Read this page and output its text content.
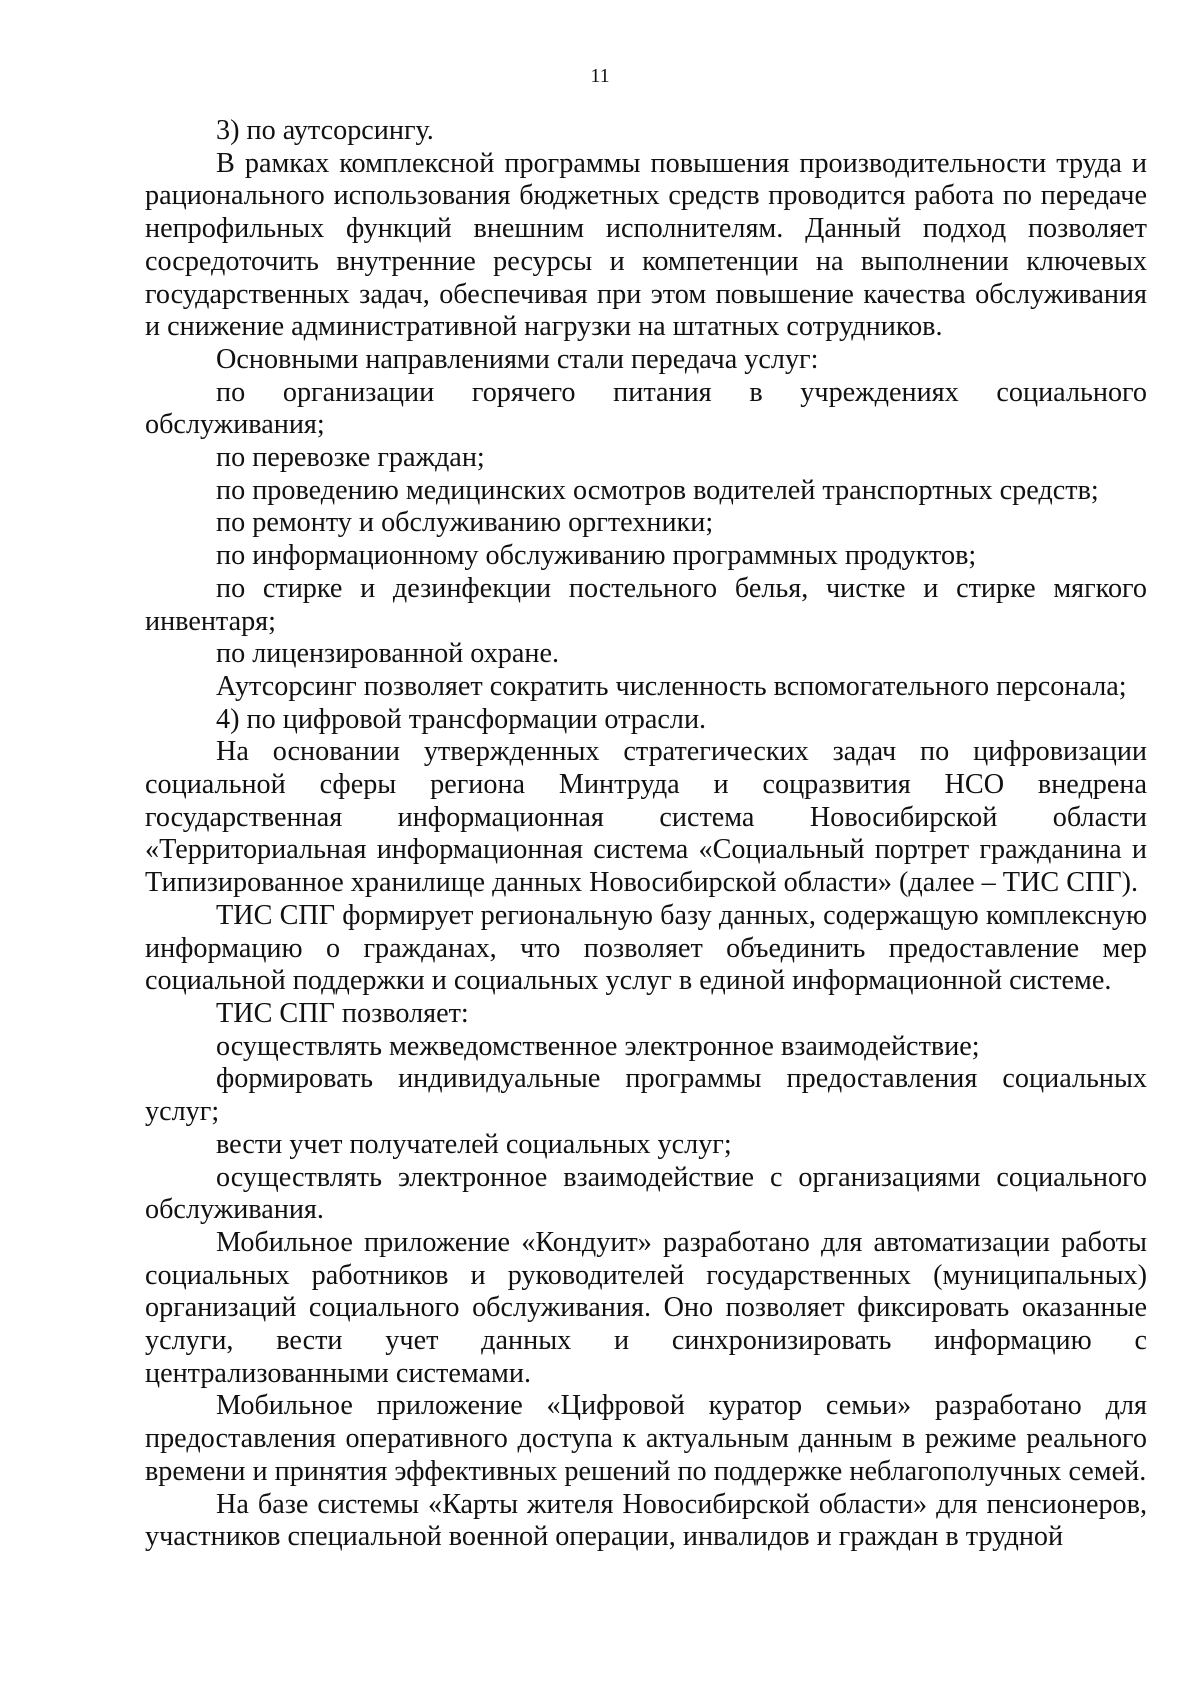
11

3) по аутсорсингу.

В рамках комплексной программы повышения производительности труда и рационального использования бюджетных средств проводится работа по передаче непрофильных функций внешним исполнителям. Данный подход позволяет сосредоточить внутренние ресурсы и компетенции на выполнении ключевых государственных задач, обеспечивая при этом повышение качества обслуживания и снижение административной нагрузки на штатных сотрудников.

Основными направлениями стали передача услуг:

по организации горячего питания в учреждениях социального обслуживания;

по перевозке граждан;

по проведению медицинских осмотров водителей транспортных средств;

по ремонту и обслуживанию оргтехники;

по информационному обслуживанию программных продуктов;

по стирке и дезинфекции постельного белья, чистке и стирке мягкого инвентаря;

по лицензированной охране.

Аутсорсинг позволяет сократить численность вспомогательного персонала;

4) по цифровой трансформации отрасли.

На основании утвержденных стратегических задач по цифровизации социальной сферы региона Минтруда и соцразвития НСО внедрена государственная информационная система Новосибирской области «Территориальная информационная система «Социальный портрет гражданина и Типизированное хранилище данных Новосибирской области» (далее – ТИС СПГ).

ТИС СПГ формирует региональную базу данных, содержащую комплексную информацию о гражданах, что позволяет объединить предоставление мер социальной поддержки и социальных услуг в единой информационной системе.

ТИС СПГ позволяет:

осуществлять межведомственное электронное взаимодействие;

формировать индивидуальные программы предоставления социальных услуг;

вести учет получателей социальных услуг;

осуществлять электронное взаимодействие с организациями социального обслуживания.

Мобильное приложение «Кондуит» разработано для автоматизации работы социальных работников и руководителей государственных (муниципальных) организаций социального обслуживания. Оно позволяет фиксировать оказанные услуги, вести учет данных и синхронизировать информацию с централизованными системами.

Мобильное приложение «Цифровой куратор семьи» разработано для предоставления оперативного доступа к актуальным данным в режиме реального времени и принятия эффективных решений по поддержке неблагополучных семей.

На базе системы «Карты жителя Новосибирской области» для пенсионеров, участников специальной военной операции, инвалидов и граждан в трудной
